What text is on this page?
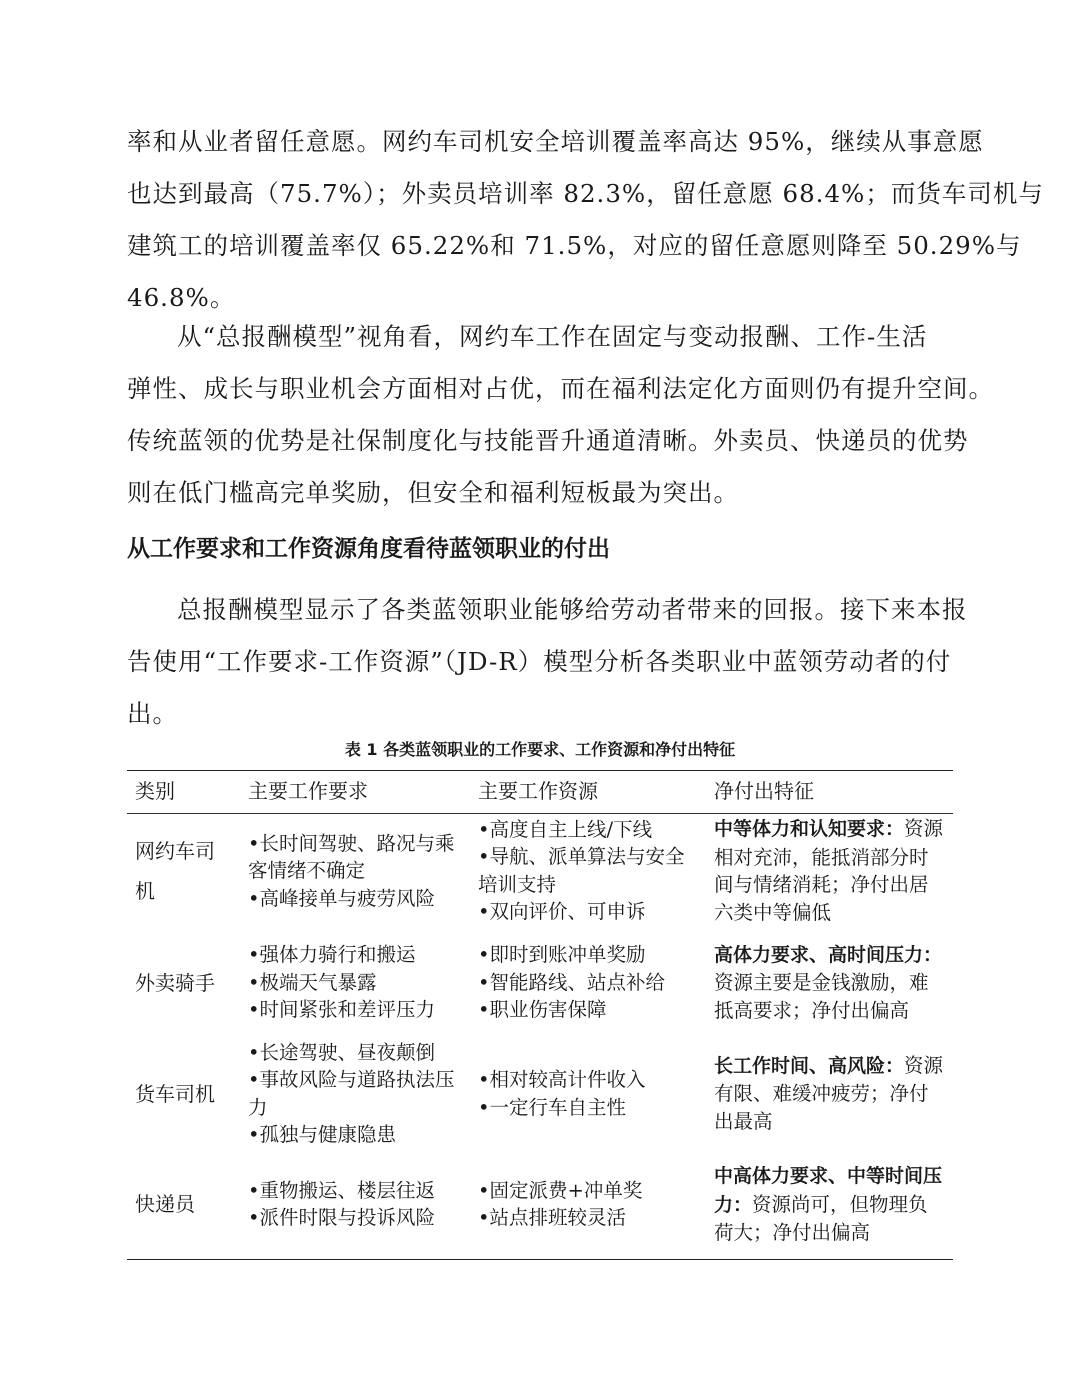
率和从业者留任意愿。网约车司机安全培训覆盖率高达 95%，继续从事意愿
也达到最高（75.7%）；外卖员培训率 82.3%，留任意愿 68.4%；而货车司机与
建筑工的培训覆盖率仅 65.22%和 71.5%，对应的留任意愿则降至 50.29%与
46.8%。
从“总报酬模型”视角看，网约车工作在固定与变动报酬、工作-生活
弹性、成长与职业机会方面相对占优，而在福利法定化方面则仍有提升空间。
传统蓝领的优势是社保制度化与技能晋升通道清晰。外卖员、快递员的优势
则在低门槛高完单奖励，但安全和福利短板最为突出。
从工作要求和工作资源角度看待蓝领职业的付出
总报酬模型显示了各类蓝领职业能够给劳动者带来的回报。接下来本报
告使用“工作要求-工作资源”（JD-R）模型分析各类职业中蓝领劳动者的付
出。
表 1 各类蓝领职业的工作要求、工作资源和净付出特征
类别	主要工作要求	主要工作资源	净付出特征
网约车司机	• 长时间驾驶、路况与乘客情绪不确定
• 高峰接单与疲劳风险	• 高度自主上线/下线
• 导航、派单算法与安全培训支持
• 双向评价、可申诉	中等体力和认知要求：资源相对充沛，能抵消部分时间与情绪消耗；净付出居六类中等偏低
外卖骑手	• 强体力骑行和搬运
• 极端天气暴露
• 时间紧张和差评压力	• 即时到账冲单奖励
• 智能路线、站点补给
• 职业伤害保障	高体力要求、高时间压力：资源主要是金钱激励，难抵高要求；净付出偏高
货车司机	• 长途驾驶、昼夜颠倒
• 事故风险与道路执法压力
• 孤独与健康隐患	• 相对较高计件收入
• 一定行车自主性	长工作时间、高风险：资源有限、难缓冲疲劳；净付出最高
快递员	• 重物搬运、楼层往返
• 派件时限与投诉风险	• 固定派费+冲单奖
• 站点排班较灵活	中高体力要求、中等时间压力：资源尚可，但物理负荷大；净付出偏高
